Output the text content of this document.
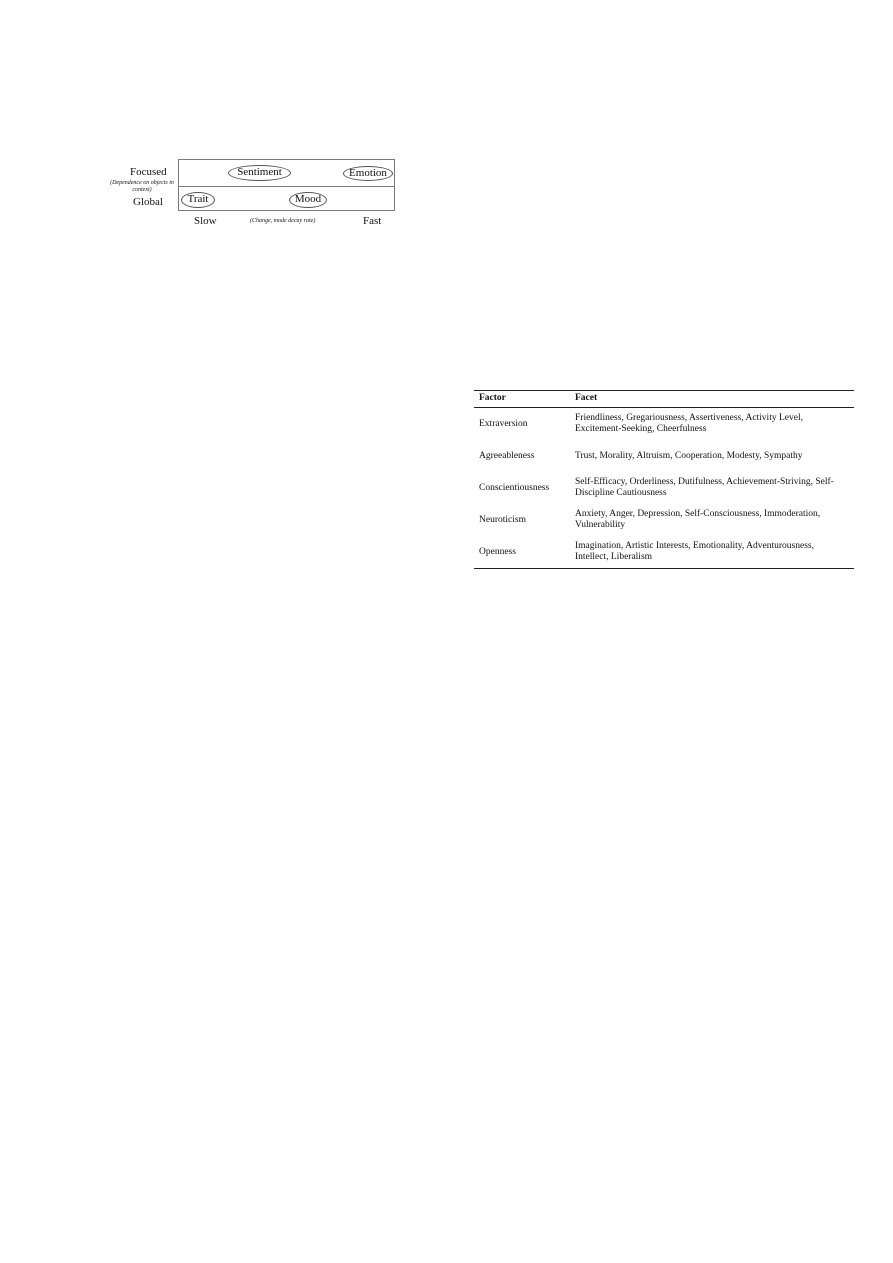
Focused
(Dependence on objects in context)
Global
Sentiment	Emotion
Trait	Mood
Slow	(Change, mode decay rate)	Fast
Factor	Facet
Extraversion	Friendliness, Gregariousness, Assertiveness, Activity Level, Excitement-Seeking, Cheerfulness
Agreeableness	Trust, Morality, Altruism, Cooperation, Modesty, Sympathy
Conscientiousness	Self-Efficacy, Orderliness, Dutifulness, Achievement-Striving, Self-Discipline Cautiousness
Neuroticism	Anxiety, Anger, Depression, Self-Consciousness, Immoderation, Vulnerability
Openness	Imagination, Artistic Interests, Emotionality, Adventurousness, Intellect, Liberalism
